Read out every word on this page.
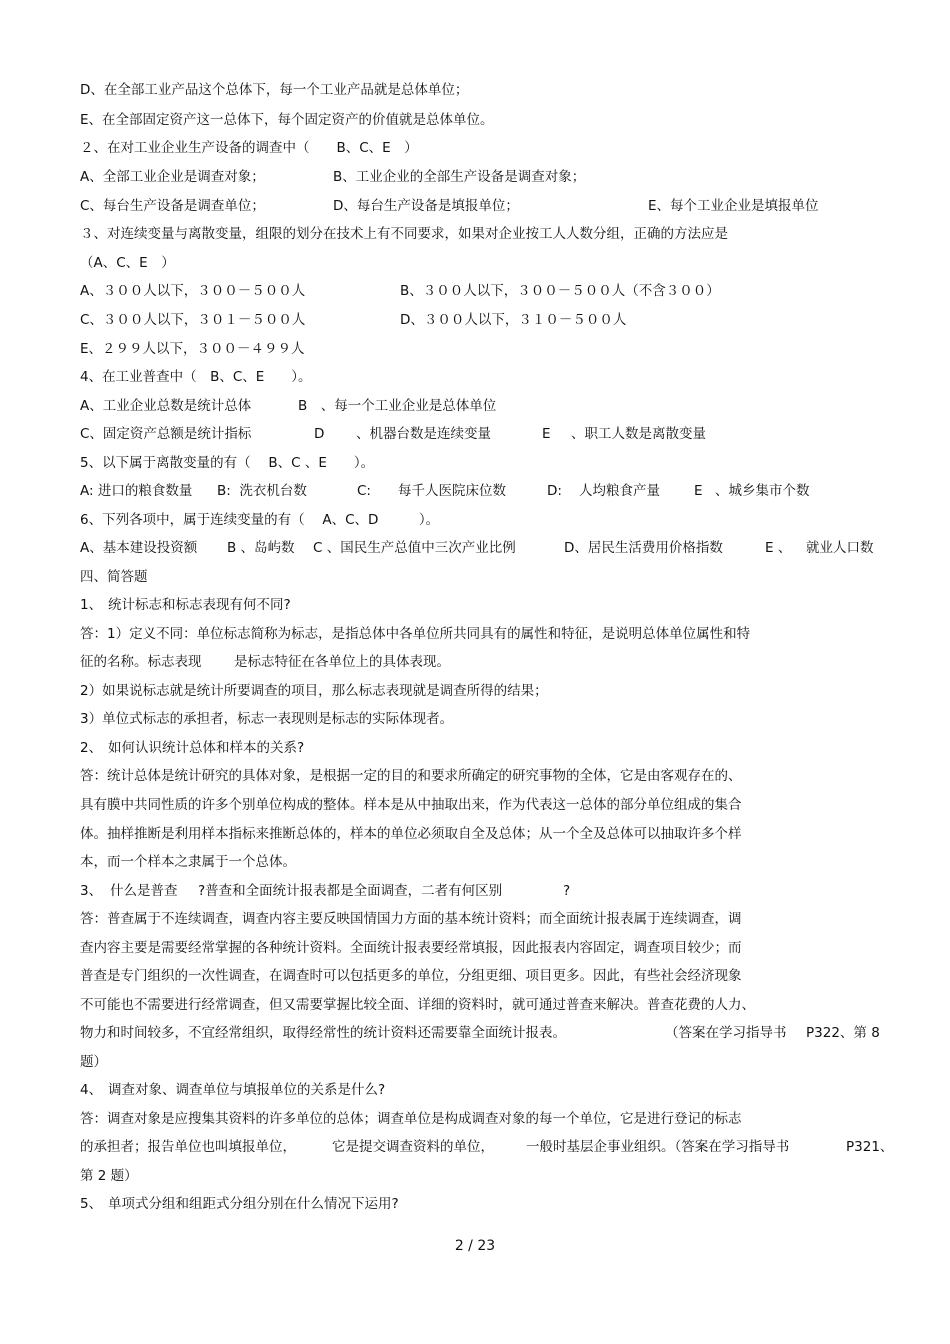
2 / 23
D、在全部工业产品这个总体下，每一个工业产品就是总体单位；
E、在全部固定资产这一总体下，每个固定资产的价值就是总体单位。
２、在对工业企业生产设备的调查中（　　B、C、E　）
A、全部工业企业是调查对象；	B、工业企业的全部生产设备是调查对象；
C、每台生产设备是调查单位；	D、每台生产设备是填报单位；	E、每个工业企业是填报单位
３、对连续变量与离散变量，组限的划分在技术上有不同要求，如果对企业按工人人数分组，正确的方法应是
（A、C、E　）
A、３００人以下，３００－５００人	B、３００人以下，３００－５００人（不含３００）
C、３００人以下，３０１－５００人	D、３００人以下，３１０－５００人
E、２９９人以下，３００－４９９人
4、在工业普查中（　B、C、E　　）。
A、工业企业总数是统计总体	B　、每一个工业企业是总体单位
C、固定资产总额是统计指标	D 、机器台数是连续变量	E 、职工人数是离散变量
5、以下属于离散变量的有（　 B、C 、E　　）。
A: 进口的粮食数量 B:  洗衣机台数	C: 每千人医院床位数	D: 人均粮食产量	E 、城乡集市个数
6、下列各项中，属于连续变量的有（　 A、C、D　　　）。
A、基本建设投资额 B 、岛屿数 C 、国民生产总值中三次产业比例	D、居民生活费用价格指数	E 、 就业人口数
四、简答题
1、 统计标志和标志表现有何不同?
答：1）定义不同：单位标志简称为标志，是指总体中各单位所共同具有的属性和特征，是说明总体单位属性和特
征的名称。标志表现 是标志特征在各单位上的具体表现。
2）如果说标志就是统计所要调查的项目，那么标志表现就是调查所得的结果；
3）单位式标志的承担者，标志一表现则是标志的实际体现者。
2、 如何认识统计总体和样本的关系?
答：统计总体是统计研究的具体对象，是根据一定的目的和要求所确定的研究事物的全体，它是由客观存在的、
具有膜中共同性质的许多个别单位构成的整体。样本是从中抽取出来，作为代表这一总体的部分单位组成的集合
体。抽样推断是利用样本指标来推断总体的，样本的单位必须取自全及总体；从一个全及总体可以抽取许多个样
本，而一个样本之隶属于一个总体。
3、 什么是普查 ?普查和全面统计报表都是全面调查，二者有何区别	?
答：普查属于不连续调查，调查内容主要反映国情国力方面的基本统计资料；而全面统计报表属于连续调查，调
查内容主要是需要经常掌握的各种统计资料。全面统计报表要经常填报，因此报表内容固定，调查项目较少；而
普查是专门组织的一次性调查，在调查时可以包括更多的单位，分组更细、项目更多。因此，有些社会经济现象
不可能也不需要进行经常调查，但又需要掌握比较全面、详细的资料时，就可通过普查来解决。普查花费的人力、
物力和时间较多，不宜经常组织，取得经常性的统计资料还需要靠全面统计报表。	（答案在学习指导书 P322、第 8
题）
4、 调查对象、调查单位与填报单位的关系是什么?
答：调查对象是应搜集其资料的许多单位的总体；调查单位是构成调查对象的每一个单位，它是进行登记的标志
的承担者；报告单位也叫填报单位，	它是提交调查资料的单位， 一般时基层企事业组织。（答案在学习指导书	P321、
第 2 题）
5、 单项式分组和组距式分组分别在什么情况下运用?
